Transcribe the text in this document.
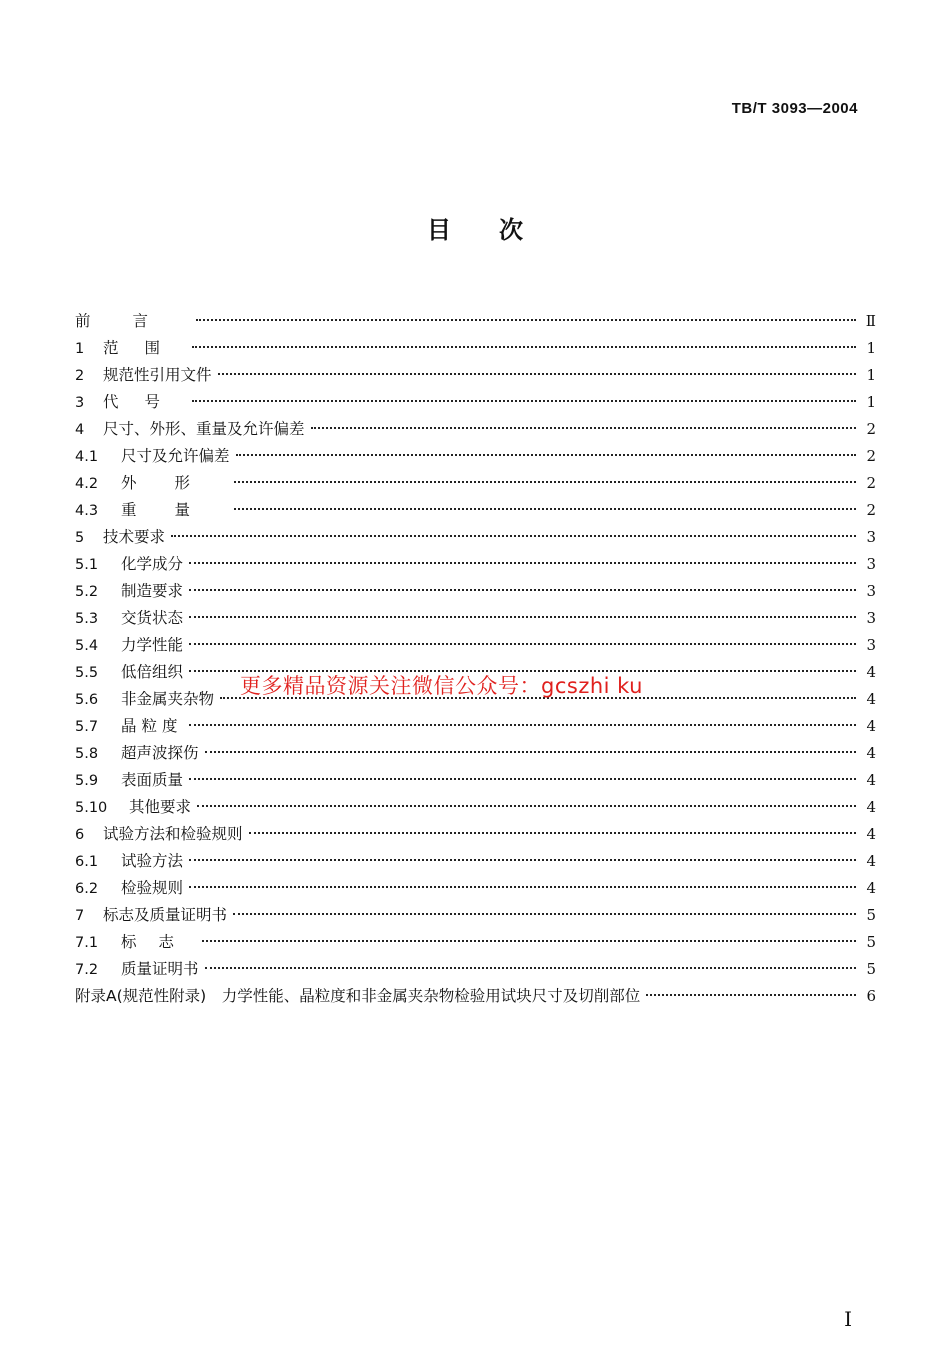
TB/T 3093—2004
目次
前言	Ⅱ
1	范围	1
2	规范性引用文件	1
3	代号	1
4	尺寸、外形、重量及允许偏差	2
4.1	尺寸及允许偏差	2
4.2	外形	2
4.3	重量	2
5	技术要求	3
5.1	化学成分	3
5.2	制造要求	3
5.3	交货状态	3
5.4	力学性能	3
5.5	低倍组织	4
5.6	非金属夹杂物	4
5.7	晶粒度	4
5.8	超声波探伤	4
5.9	表面质量	4
5.10	其他要求	4
6	试验方法和检验规则	4
6.1	试验方法	4
6.2	检验规则	4
7	标志及质量证明书	5
7.1	标志	5
7.2	质量证明书	5
附录A(规范性附录)　力学性能、晶粒度和非金属夹杂物检验用试块尺寸及切削部位	6
更多精品资源关注微信公众号：gcszhi ku
I
